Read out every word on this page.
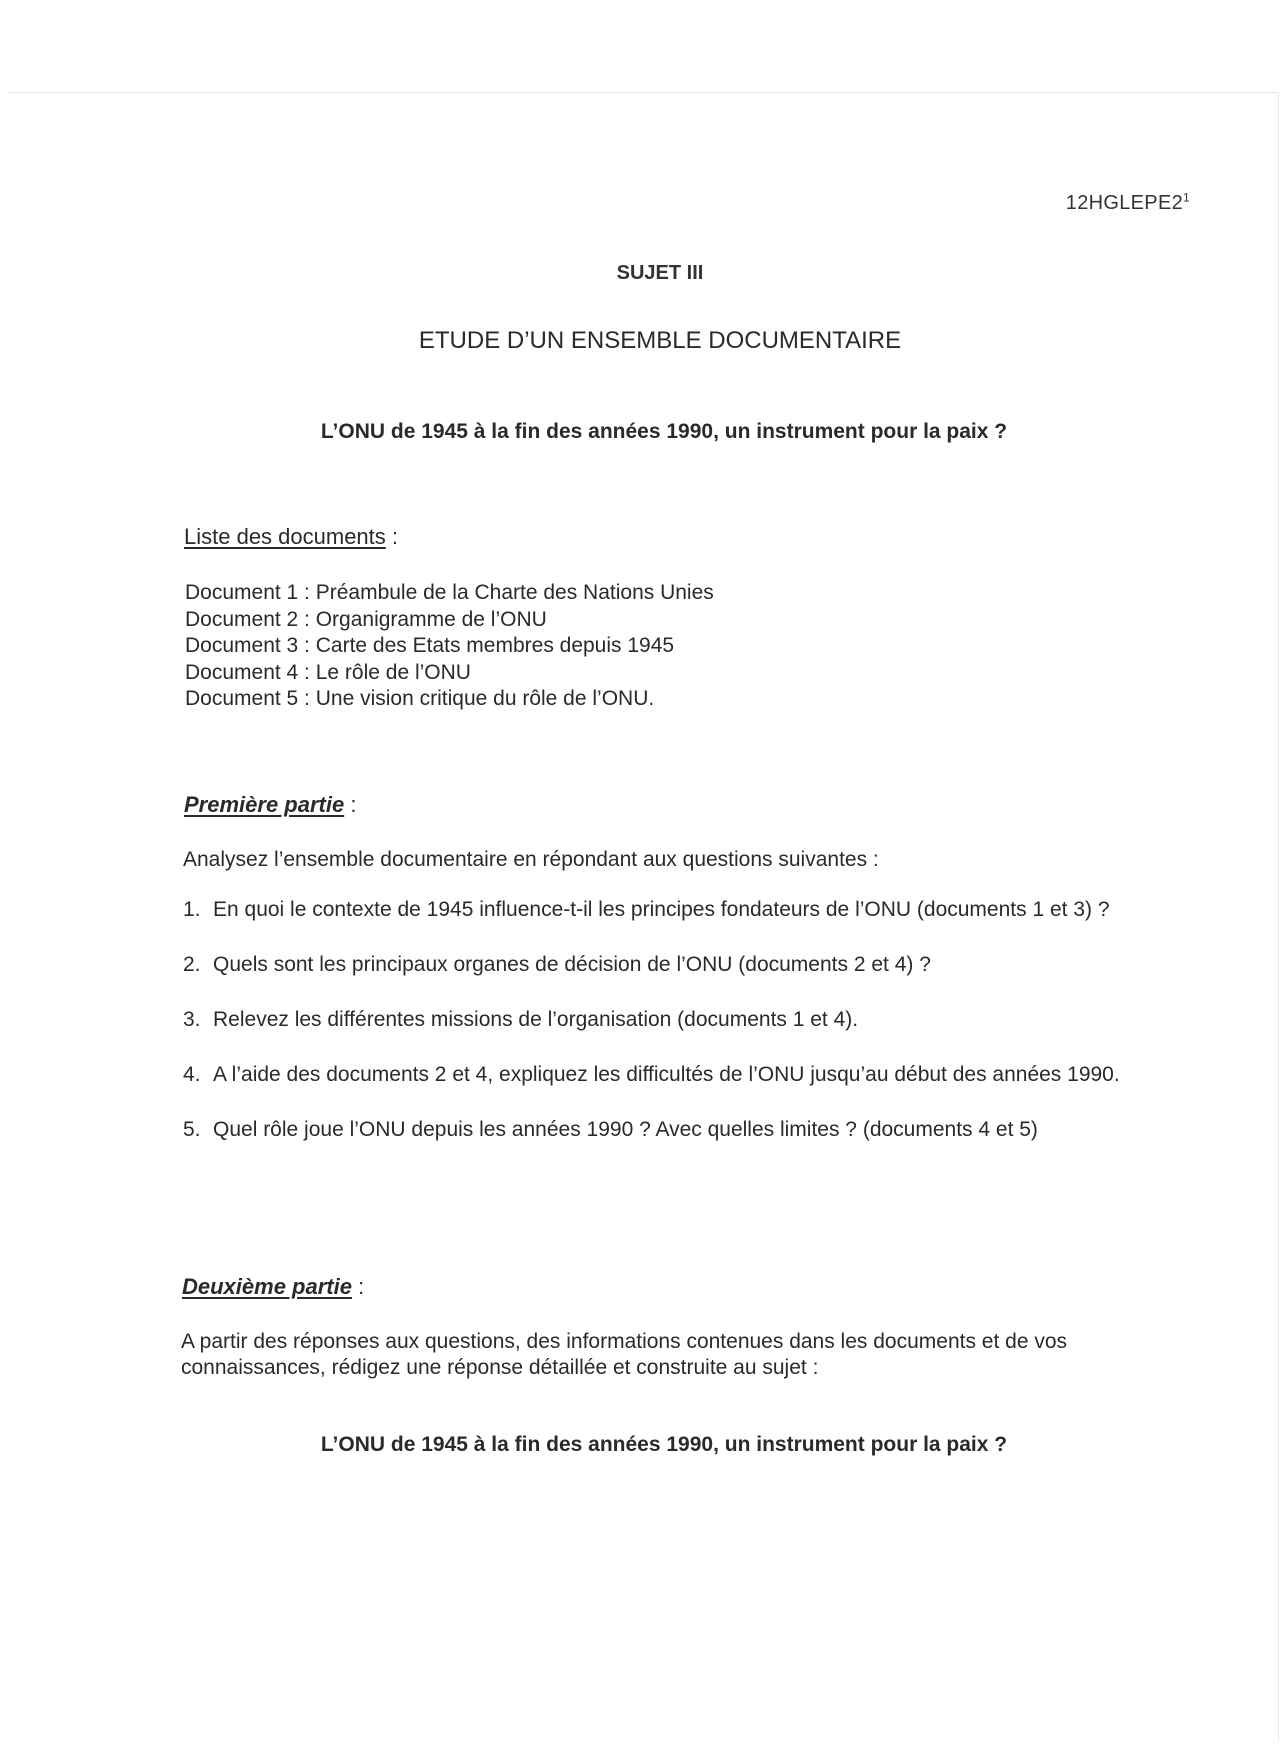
$12HGLEPE2^1$
SUJET III
ETUDE D’UN ENSEMBLE DOCUMENTAIRE
L’ONU de 1945 à la fin des années 1990, un instrument pour la paix ?
Liste des documents :
Document 1 : Préambule de la Charte des Nations Unies
Document 2 : Organigramme de l’ONU
Document 3 : Carte des Etats membres depuis 1945
Document 4 : Le rôle de l’ONU
Document 5 : Une vision critique du rôle de l’ONU.
Première partie :
Analysez l’ensemble documentaire en répondant aux questions suivantes :
1. En quoi le contexte de 1945 influence-t-il les principes fondateurs de l’ONU (documents 1 et 3) ?
2. Quels sont les principaux organes de décision de l’ONU (documents 2 et 4) ?
3. Relevez les différentes missions de l’organisation (documents 1 et 4).
4. A l’aide des documents 2 et 4, expliquez les difficultés de l’ONU jusqu’au début des années 1990.
5. Quel rôle joue l’ONU depuis les années 1990 ? Avec quelles limites ? (documents 4 et 5)
Deuxième partie :
A partir des réponses aux questions, des informations contenues dans les documents et de vos connaissances, rédigez une réponse détaillée et construite au sujet :
L’ONU de 1945 à la fin des années 1990, un instrument pour la paix ?
